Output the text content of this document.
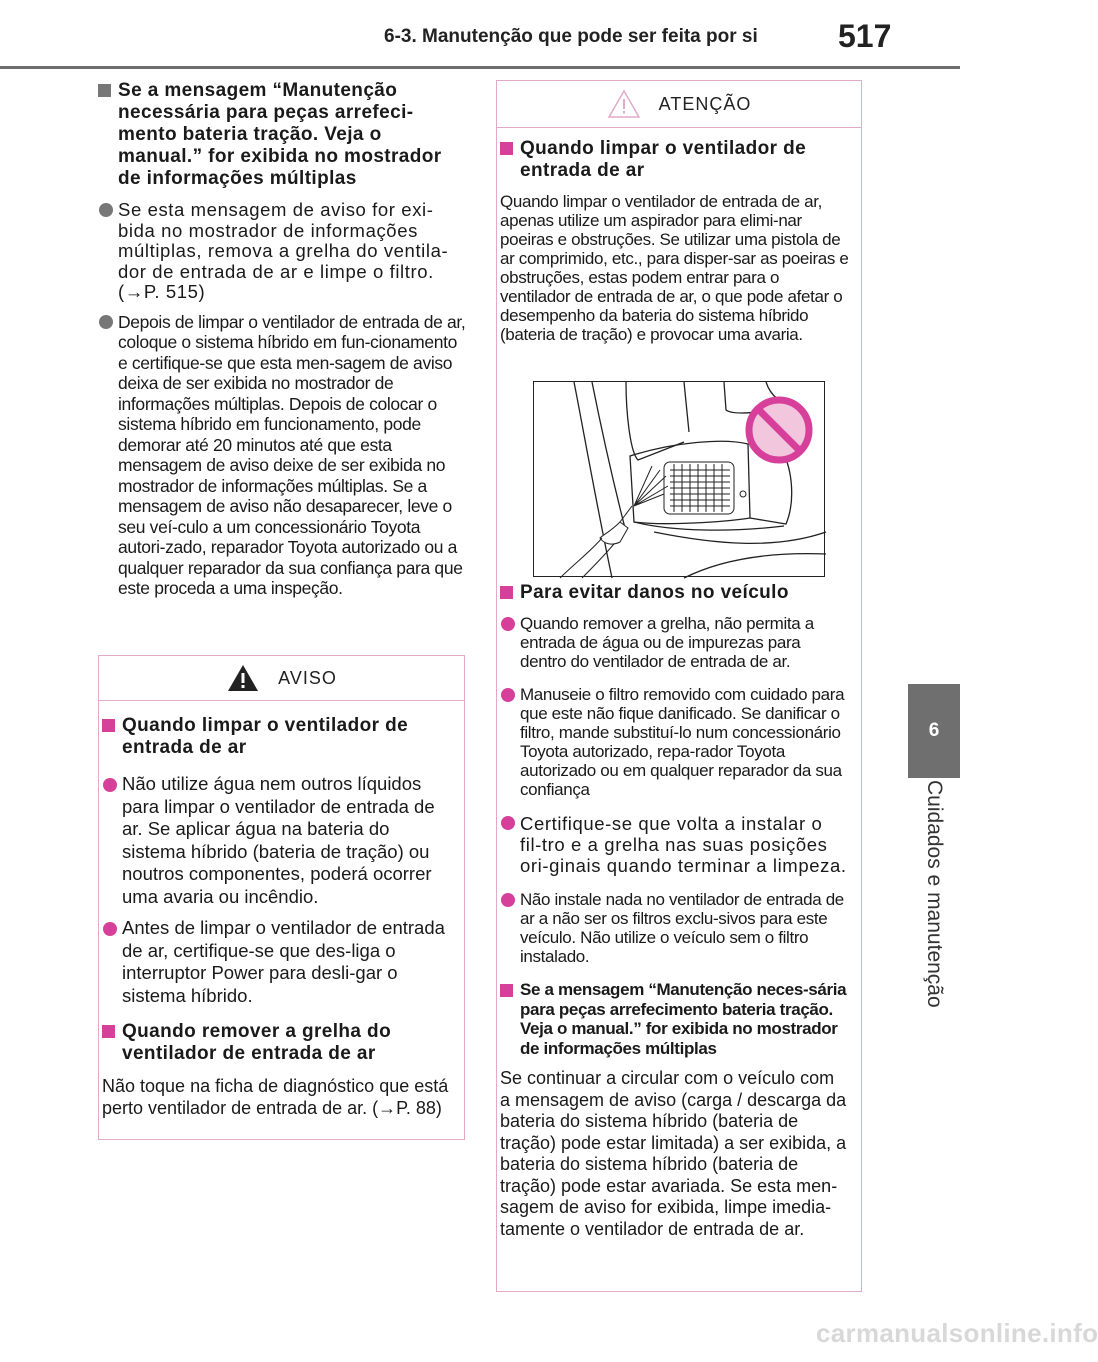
6-3. Manutenção que pode ser feita por si	517
6
Cuidados e manutenção
Se a mensagem “Manutenção necessária para peças arrefeci-mento bateria tração. Veja o manual.” for exibida no mostrador de informações múltiplas
Se esta mensagem de aviso for exi-bida no mostrador de informações múltiplas, remova a grelha do ventila-dor de entrada de ar e limpe o filtro. (→P. 515)
Depois de limpar o ventilador de entrada de ar, coloque o sistema híbrido em fun-cionamento e certifique-se que esta men-sagem de aviso deixa de ser exibida no mostrador de informações múltiplas. Depois de colocar o sistema híbrido em funcionamento, pode demorar até 20 minutos até que esta mensagem de aviso deixe de ser exibida no mostrador de informações múltiplas. Se a mensagem de aviso não desaparecer, leve o seu veí-culo a um concessionário Toyota autori-zado, reparador Toyota autorizado ou a qualquer reparador da sua confiança para que este proceda a uma inspeção.
AVISO
Quando limpar o ventilador de entrada de ar
Não utilize água nem outros líquidos para limpar o ventilador de entrada de ar. Se aplicar água na bateria do sistema híbrido (bateria de tração) ou noutros componentes, poderá ocorrer uma avaria ou incêndio.
Antes de limpar o ventilador de entrada de ar, certifique-se que des-liga o interruptor Power para desli-gar o sistema híbrido.
Quando remover a grelha do ventilador de entrada de ar
Não toque na ficha de diagnóstico que está perto ventilador de entrada de ar. (→P. 88)
ATENÇÃO
Quando limpar o ventilador de entrada de ar
Quando limpar o ventilador de entrada de ar, apenas utilize um aspirador para elimi-nar poeiras e obstruções. Se utilizar uma pistola de ar comprimido, etc., para disper-sar as poeiras e obstruções, estas podem entrar para o ventilador de entrada de ar, o que pode afetar o desempenho da bateria do sistema híbrido (bateria de tração) e provocar uma avaria.
Para evitar danos no veículo
Quando remover a grelha, não permita a entrada de água ou de impurezas para dentro do ventilador de entrada de ar.
Manuseie o filtro removido com cuidado para que este não fique danificado. Se danificar o filtro, mande substituí-lo num concessionário Toyota autorizado, repa-rador Toyota autorizado ou em qualquer reparador da sua confiança
Certifique-se que volta a instalar o fil-tro e a grelha nas suas posições ori-ginais quando terminar a limpeza.
Não instale nada no ventilador de entrada de ar a não ser os filtros exclu-sivos para este veículo. Não utilize o veículo sem o filtro instalado.
Se a mensagem “Manutenção neces-sária para peças arrefecimento bateria tração. Veja o manual.” for exibida no mostrador de informações múltiplas
Se continuar a circular com o veículo com a mensagem de aviso (carga / descarga da bateria do sistema híbrido (bateria de tração) pode estar limitada) a ser exibida, a bateria do sistema híbrido (bateria de tração) pode estar avariada. Se esta men-sagem de aviso for exibida, limpe imedia-tamente o ventilador de entrada de ar.
carmanualsonline.info
